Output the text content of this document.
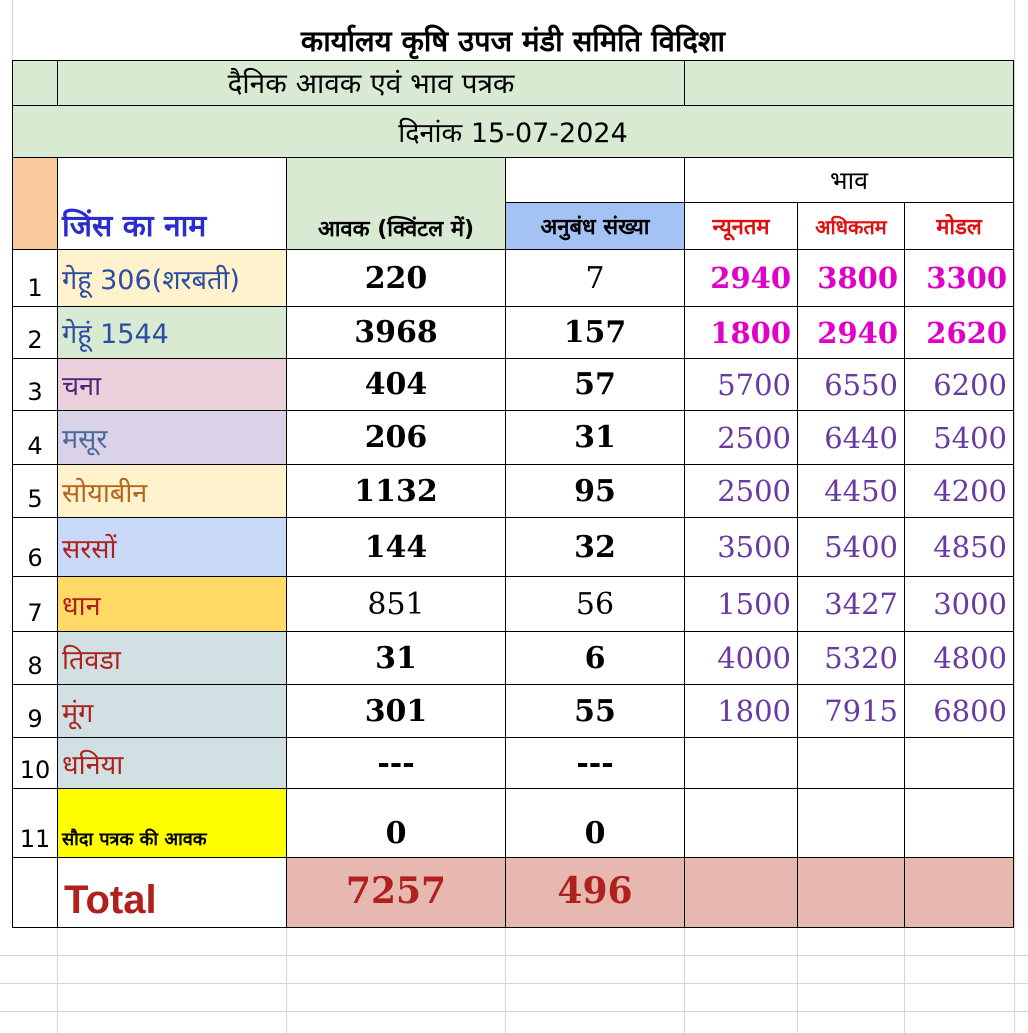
कार्यालय कृषि उपज मंडी समिति विदिशा
दैनिक आवक एवं भाव पत्रक
दिनांक 15-07-2024
जिंस का नाम	आवक (क्विंटल में)	अनुबंध संख्या
भाव
न्यूनतम	अधिकतम	मोडल
1 गेहू 306(शरबती)	220	7	2940 3800 3300
2 गेहूं 1544	3968	157	1800 2940 2620
3 चना	404	57	5700	6550	6200
4 मसूर	206	31	2500	6440	5400
5 सोयाबीन	1132	95	2500	4450	4200
6 सरसों	144	32	3500	5400	4850
7 धान	851	56	1500	3427	3000
8 तिवडा	31	6	4000	5320	4800
9 मूंग	301	55	1800	7915	6800
10 धनिया	---	---
11 सौदा पत्रक की आवक	0	0
Total	7257	496
